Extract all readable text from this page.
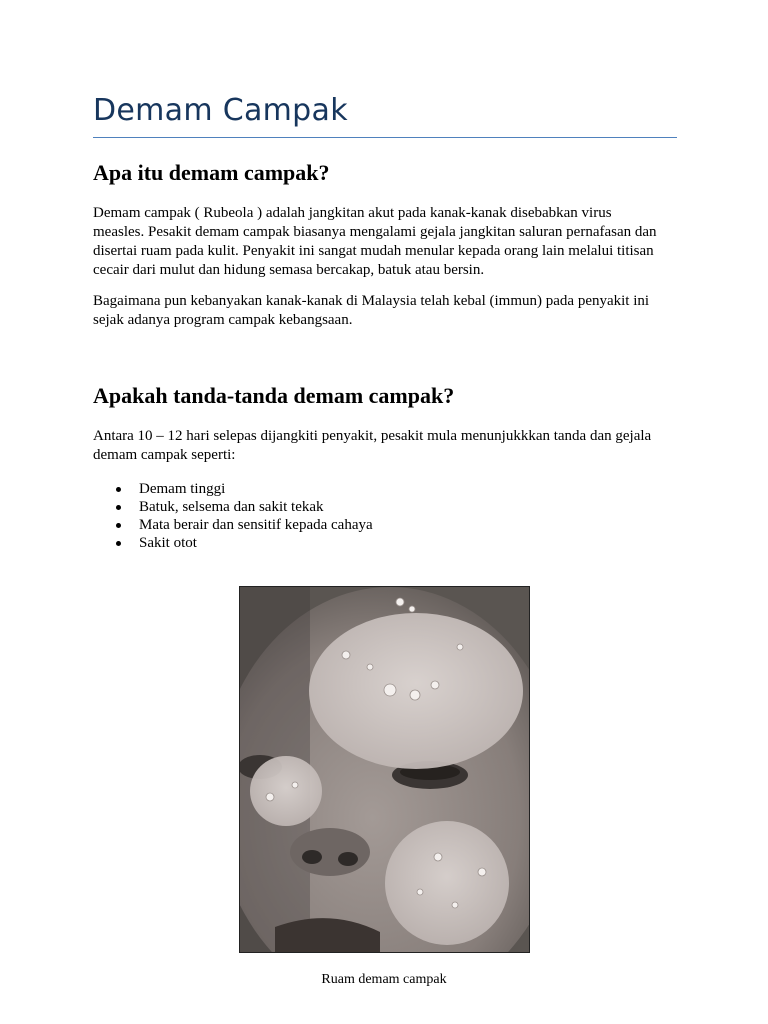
Demam Campak
Apa itu demam campak?
Demam campak ( Rubeola ) adalah jangkitan akut pada kanak-kanak disebabkan virus
measles. Pesakit demam campak biasanya mengalami gejala jangkitan saluran pernafasan dan
disertai ruam pada kulit. Penyakit ini sangat mudah menular kepada orang lain melalui titisan
cecair dari mulut dan hidung semasa bercakap, batuk atau bersin.
Bagaimana pun kebanyakan kanak-kanak di Malaysia telah kebal (immun) pada penyakit ini
sejak adanya program campak kebangsaan.
Apakah tanda-tanda demam campak?
Antara 10 – 12 hari selepas dijangkiti penyakit, pesakit mula menunjukkkan tanda dan gejala
demam campak seperti:
Demam tinggi
Batuk, selsema dan sakit tekak
Mata berair dan sensitif kepada cahaya
Sakit otot
Ruam demam campak
